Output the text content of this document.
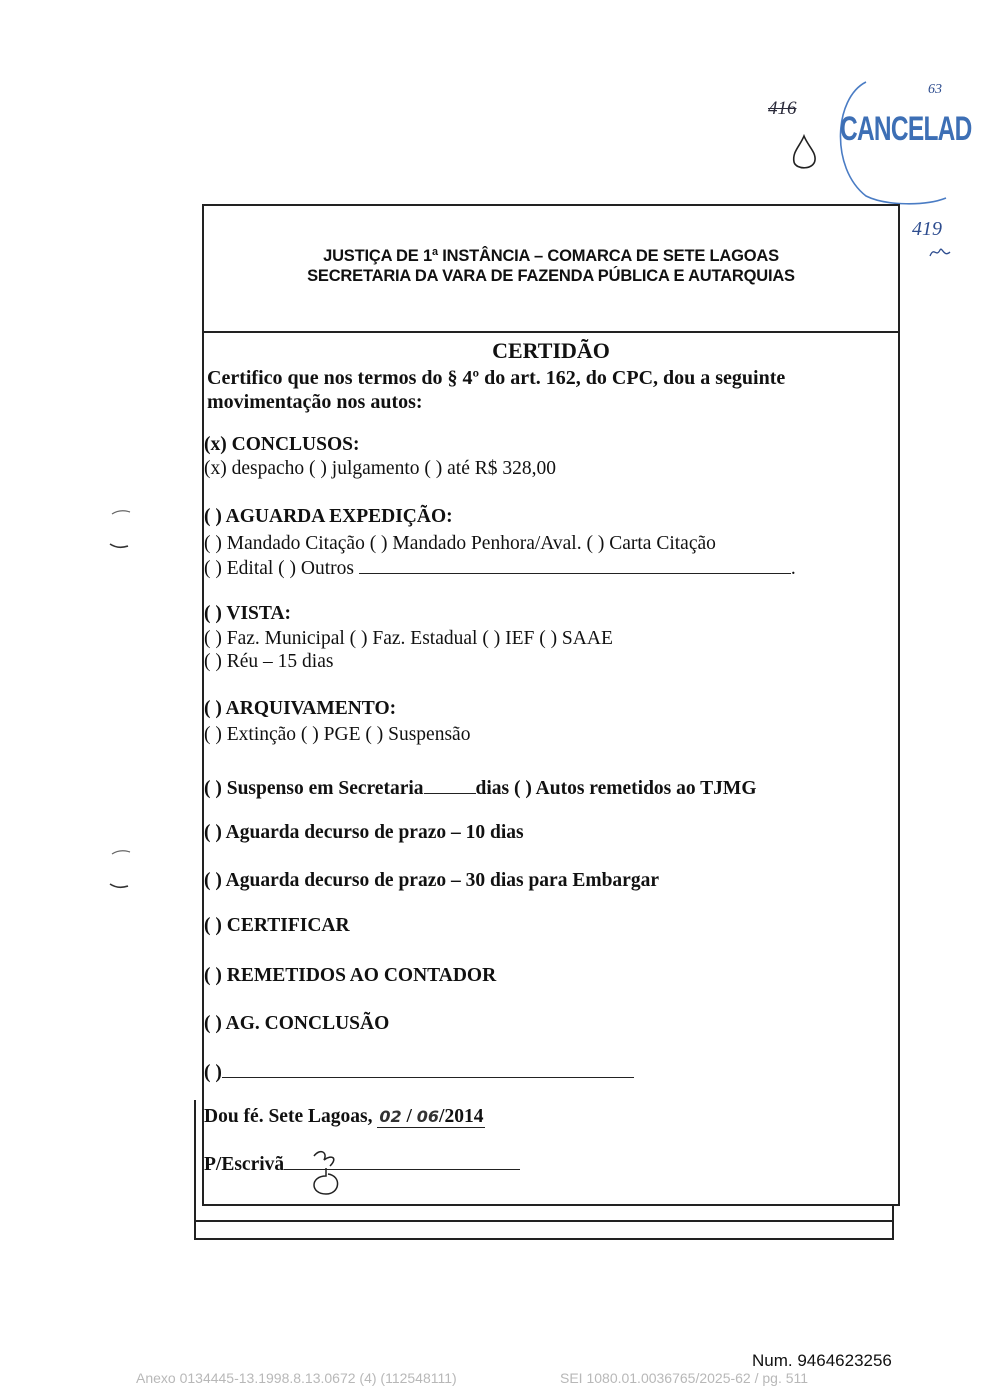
416
CANCELAD
63
419
JUSTIÇA DE 1ª INSTÂNCIA – COMARCA DE SETE LAGOAS
SECRETARIA DA VARA DE FAZENDA PÚBLICA E AUTARQUIAS
CERTIDÃO
Certifico que nos termos do § 4º do art. 162, do CPC, dou a seguinte movimentação nos autos:
(x) CONCLUSOS:
(x) despacho ( ) julgamento ( ) até R$ 328,00
( ) AGUARDA EXPEDIÇÃO:
( ) Mandado Citação ( ) Mandado Penhora/Aval. ( ) Carta Citação
( ) Edital ( ) Outros	.
( ) VISTA:
( ) Faz. Municipal ( ) Faz. Estadual ( ) IEF ( ) SAAE
( ) Réu – 15 dias
( ) ARQUIVAMENTO:
( ) Extinção ( ) PGE ( ) Suspensão
( ) Suspenso em Secretaria	dias ( ) Autos remetidos ao TJMG
( ) Aguarda decurso de prazo – 10 dias
( ) Aguarda decurso de prazo – 30 dias para Embargar
( ) CERTIFICAR
( ) REMETIDOS AO CONTADOR
( ) AG. CONCLUSÃO
( )
Dou fé. Sete Lagoas, 02 / 06/2014
P/Escrivã
Num. 9464623256
Anexo 0134445-13.1998.8.13.0672 (4) (112548111)	SEI 1080.01.0036765/2025-62 / pg. 511
